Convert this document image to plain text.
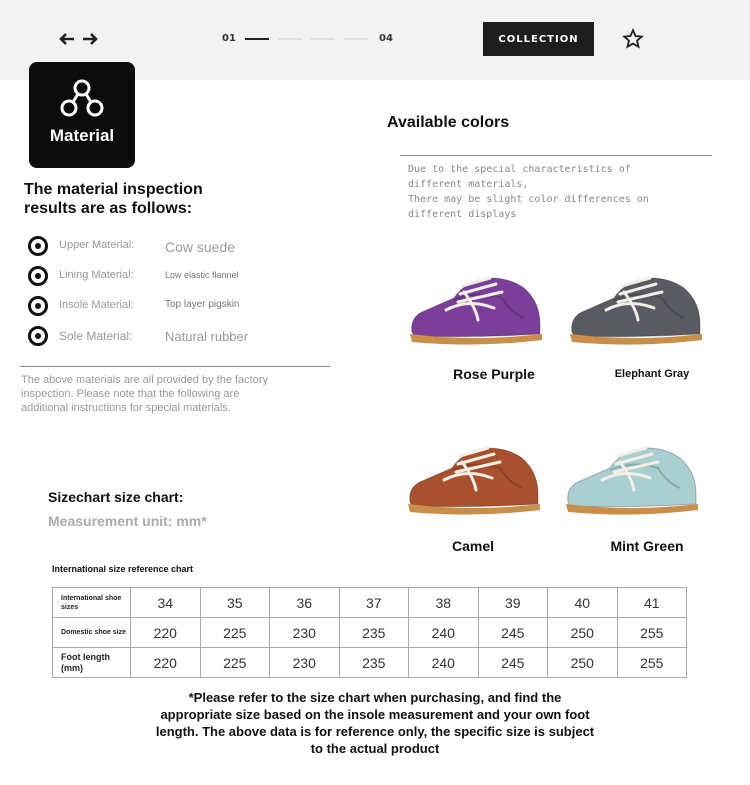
01	04	COLLECTION
Material
The material inspection
results are as follows:
Upper Material: Cow suede
Lining Material:	Low elastic flannel
Insole Material:	Top layer pigskin
Sole Material:	Natural rubber
The above materials are all provided by the factory inspection. Please note that the following are additional instructions for special materials.
Sizechart size chart:
Measurement unit: mm*
International size reference chart
International shoe sizes	34	35	36	37	38	39	40	41
Domestic shoe size	220	225	230	235	240	245	250	255
Foot length (mm)	220	225	230	235	240	245	250	255
*Please refer to the size chart when purchasing, and find the
appropriate size based on the insole measurement and your own foot
length. The above data is for reference only, the specific size is subject
to the actual product
Available colors
Due to the special characteristics of
different materials,
There may be slight color differences on
different displays
Rose Purple	Elephant Gray
Camel	Mint Green
